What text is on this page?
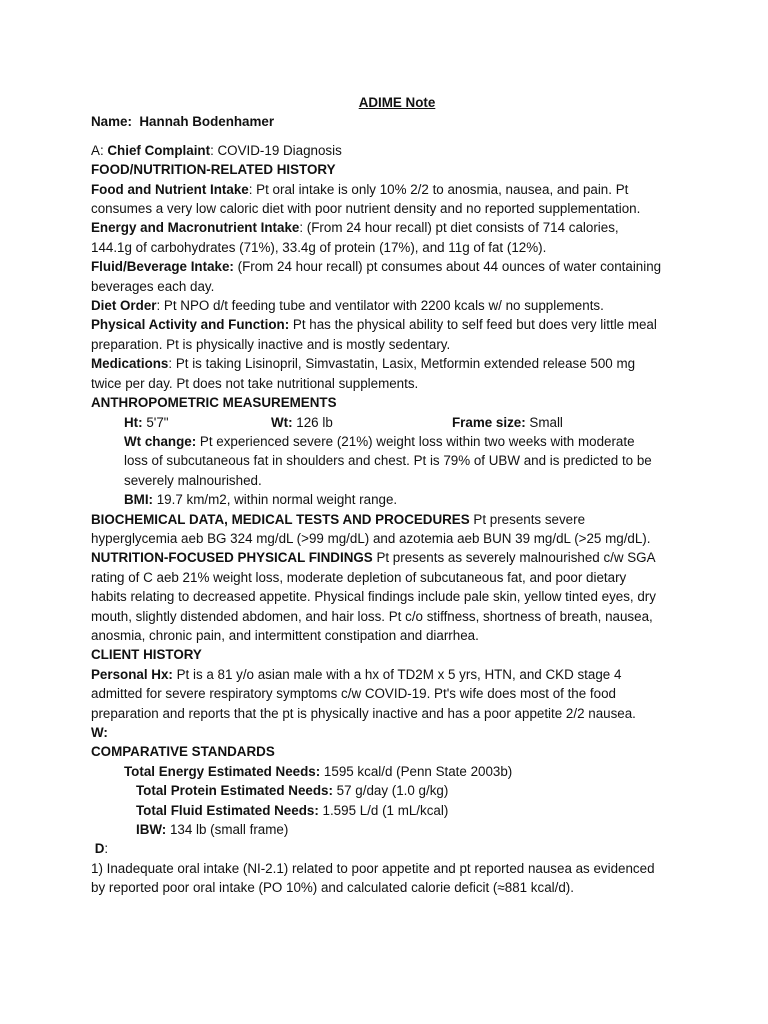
ADIME Note

Name: Hannah Bodenhamer

A: Chief Complaint: COVID-19 Diagnosis

FOOD/NUTRITION-RELATED HISTORY

Food and Nutrient Intake: Pt oral intake is only 10% 2/2 to anosmia, nausea, and pain. Pt
consumes a very low caloric diet with poor nutrient density and no reported supplementation.

Energy and Macronutrient Intake: (From 24 hour recall) pt diet consists of 714 calories,
144.1g of carbohydrates (71%), 33.4g of protein (17%), and 11g of fat (12%).

Fluid/Beverage Intake: (From 24 hour recall) pt consumes about 44 ounces of water containing
beverages each day.

Diet Order: Pt NPO d/t feeding tube and ventilator with 2200 kcals w/ no supplements.

Physical Activity and Function: Pt has the physical ability to self feed but does very little meal
preparation. Pt is physically inactive and is mostly sedentary.

Medications: Pt is taking Lisinopril, Simvastatin, Lasix, Metformin extended release 500 mg
twice per day. Pt does not take nutritional supplements.

ANTHROPOMETRIC MEASUREMENTS

Ht: 5'7"	Wt: 126 lb	Frame size: Small

Wt change: Pt experienced severe (21%) weight loss within two weeks with moderate
loss of subcutaneous fat in shoulders and chest. Pt is 79% of UBW and is predicted to be
severely malnourished.

BMI: 19.7 km/m2, within normal weight range.

BIOCHEMICAL DATA, MEDICAL TESTS AND PROCEDURES Pt presents severe
hyperglycemia aeb BG 324 mg/dL (>99 mg/dL) and azotemia aeb BUN 39 mg/dL (>25 mg/dL).

NUTRITION-FOCUSED PHYSICAL FINDINGS Pt presents as severely malnourished c/w SGA
rating of C aeb 21% weight loss, moderate depletion of subcutaneous fat, and poor dietary
habits relating to decreased appetite. Physical findings include pale skin, yellow tinted eyes, dry
mouth, slightly distended abdomen, and hair loss. Pt c/o stiffness, shortness of breath, nausea,
anosmia, chronic pain, and intermittent constipation and diarrhea.

CLIENT HISTORY

Personal Hx: Pt is a 81 y/o asian male with a hx of TD2M x 5 yrs, HTN, and CKD stage 4
admitted for severe respiratory symptoms c/w COVID-19. Pt's wife does most of the food
preparation and reports that the pt is physically inactive and has a poor appetite 2/2 nausea.

W:

COMPARATIVE STANDARDS

Total Energy Estimated Needs: 1595 kcal/d (Penn State 2003b)

Total Protein Estimated Needs: 57 g/day (1.0 g/kg)

Total Fluid Estimated Needs: 1.595 L/d (1 mL/kcal)

IBW: 134 lb (small frame)

D:

1) Inadequate oral intake (NI-2.1) related to poor appetite and pt reported nausea as evidenced
by reported poor oral intake (PO 10%) and calculated calorie deficit (≈881 kcal/d).
